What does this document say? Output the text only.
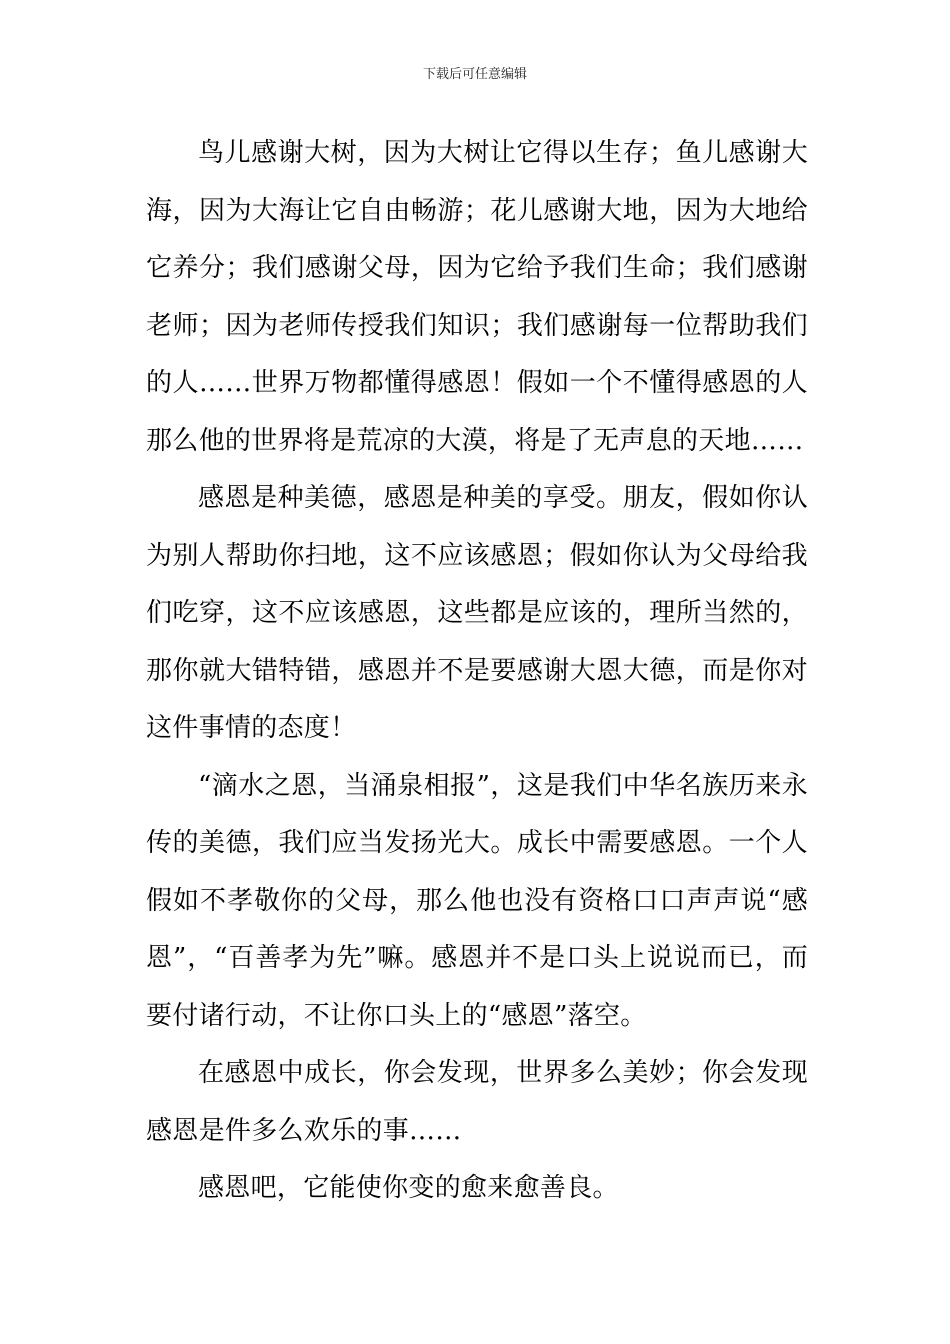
下载后可任意编辑

鸟儿感谢大树，因为大树让它得以生存；鱼儿感谢大海，因为大海让它自由畅游；花儿感谢大地，因为大地给它养分；我们感谢父母，因为它给予我们生命；我们感谢老师；因为老师传授我们知识；我们感谢每一位帮助我们的人……世界万物都懂得感恩！假如一个不懂得感恩的人那么他的世界将是荒凉的大漠，将是了无声息的天地……

感恩是种美德，感恩是种美的享受。朋友，假如你认为别人帮助你扫地，这不应该感恩；假如你认为父母给我们吃穿，这不应该感恩，这些都是应该的，理所当然的，那你就大错特错，感恩并不是要感谢大恩大德，而是你对这件事情的态度！

“滴水之恩，当涌泉相报”，这是我们中华名族历来永传的美德，我们应当发扬光大。成长中需要感恩。一个人假如不孝敬你的父母，那么他也没有资格口口声声说“感恩”，“百善孝为先”嘛。感恩并不是口头上说说而已，而要付诸行动，不让你口头上的“感恩”落空。

在感恩中成长，你会发现，世界多么美妙；你会发现感恩是件多么欢乐的事……

感恩吧，它能使你变的愈来愈善良。
